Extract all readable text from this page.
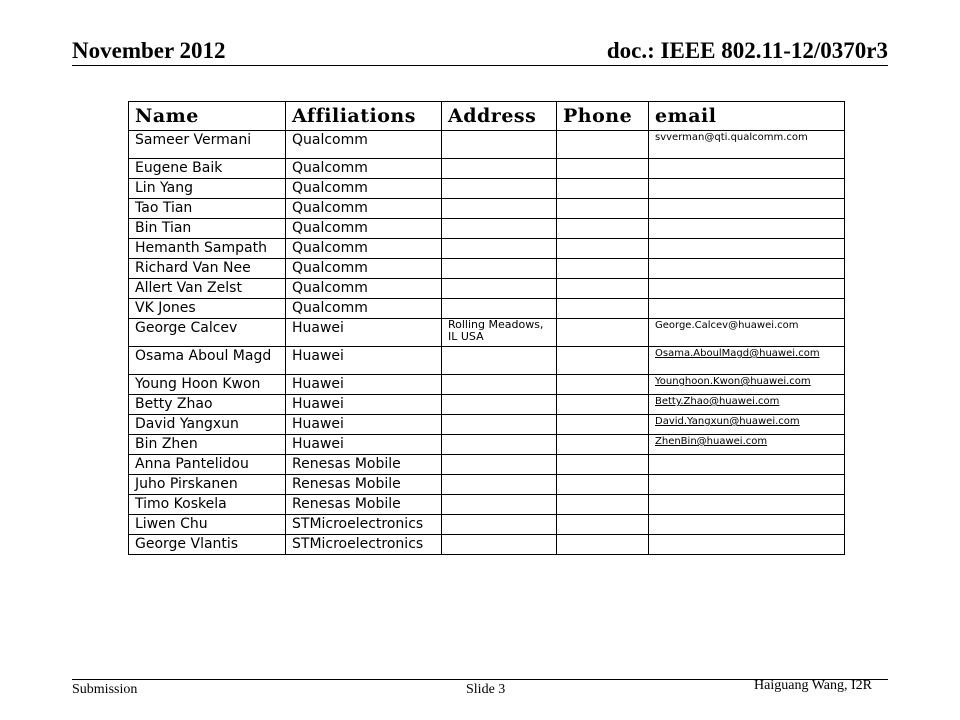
November 2012	doc.: IEEE 802.11-12/0370r3
Name	Affiliations	Address	Phone	email
Sameer Vermani	Qualcomm			svverman@qti.qualcomm.com
Eugene Baik	Qualcomm			
Lin Yang	Qualcomm			
Tao Tian	Qualcomm			
Bin Tian	Qualcomm			
Hemanth Sampath	Qualcomm			
Richard Van Nee	Qualcomm			
Allert Van Zelst	Qualcomm			
VK Jones	Qualcomm			
George Calcev	Huawei	Rolling Meadows, IL USA		George.Calcev@huawei.com
Osama Aboul Magd	Huawei			Osama.AboulMagd@huawei.com
Young Hoon Kwon	Huawei			Younghoon.Kwon@huawei.com
Betty Zhao	Huawei			Betty.Zhao@huawei.com
David Yangxun	Huawei			David.Yangxun@huawei.com
Bin Zhen	Huawei			ZhenBin@huawei.com
Anna Pantelidou	Renesas Mobile			
Juho Pirskanen	Renesas Mobile			
Timo Koskela	Renesas Mobile			
Liwen Chu	STMicroelectronics			
George Vlantis	STMicroelectronics			
Submission	Slide 3	Haiguang Wang, I2R
